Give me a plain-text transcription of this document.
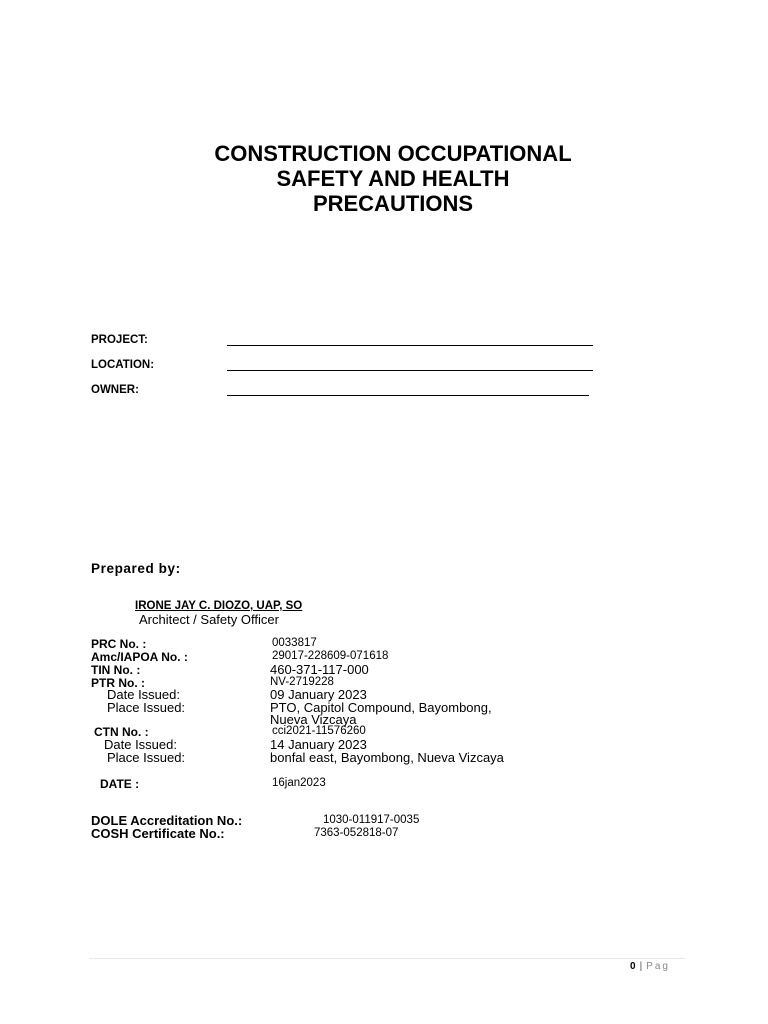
CONSTRUCTION OCCUPATIONAL
SAFETY AND HEALTH
PRECAUTIONS
PROJECT:
LOCATION:
OWNER:
Prepared by:
IRONE JAY C. DIOZO, UAP, SO
Architect / Safety Officer
PRC No. :	0033817
Amc/IAPOA No. :	29017-228609-071618
TIN No. :	460-371-117-000
PTR No. :	NV-2719228
Date Issued:	09 January 2023
Place Issued:	PTO, Capitol Compound, Bayombong,
Nueva Vizcaya
CTN No. :	cci2021-11576260
Date Issued:	14 January 2023
Place Issued:	bonfal east, Bayombong, Nueva Vizcaya
DATE :	16jan2023
DOLE Accreditation No.:	1030-011917-0035
COSH Certificate No.:	7363-052818-07
0 | Pag
